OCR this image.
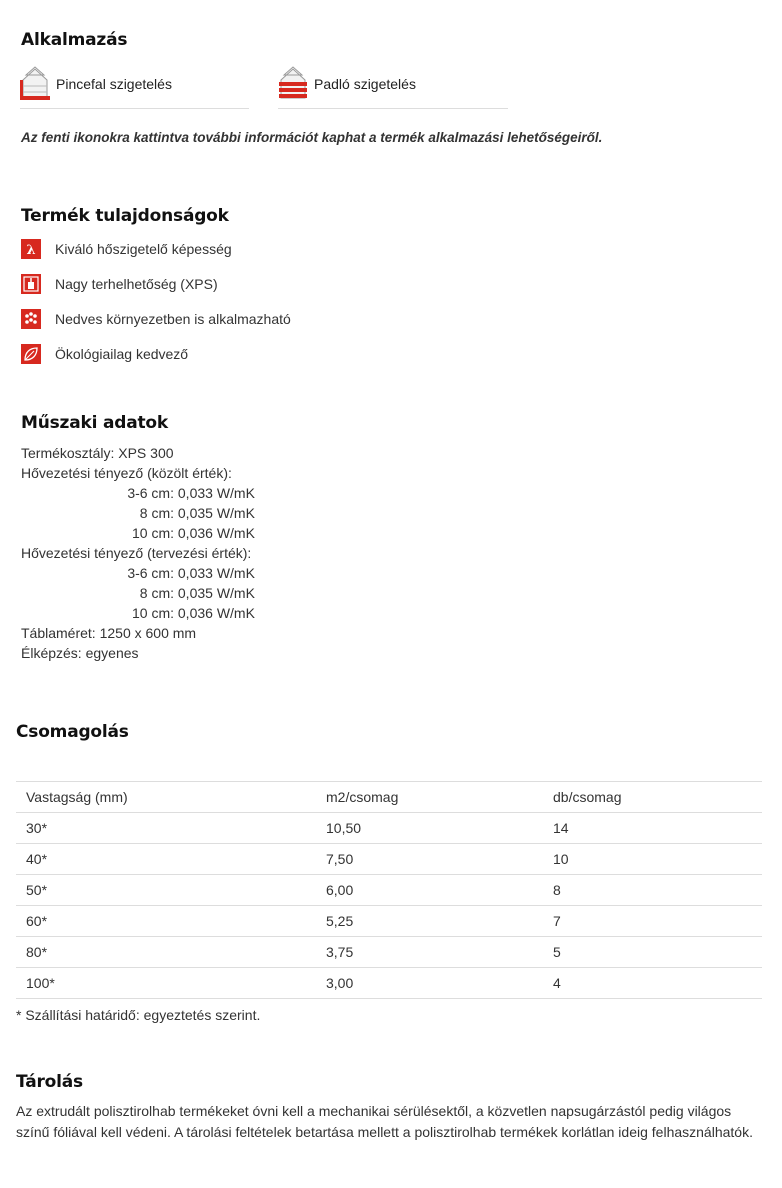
Alkalmazás
Pincefal szigetelés	Padló szigetelés
Az fenti ikonokra kattintva további információt kaphat a termék alkalmazási lehetőségeiről.
Termék tulajdonságok
λ Kiváló hőszigetelő képesség
Nagy terhelhetőség (XPS)
Nedves környezetben is alkalmazható
Ökológiailag kedvező
Műszaki adatok
Termékosztály: XPS 300
Hővezetési tényező (közölt érték):
3-6 cm: 0,033 W/mK
8 cm: 0,035 W/mK
10 cm: 0,036 W/mK
Hővezetési tényező (tervezési érték):
3-6 cm: 0,033 W/mK
8 cm: 0,035 W/mK
10 cm: 0,036 W/mK
Táblaméret: 1250 x 600 mm
Élképzés: egyenes
Csomagolás
Vastagság (mm)	m2/csomag	db/csomag
30*	10,50	14
40*	7,50	10
50*	6,00	8
60*	5,25	7
80*	3,75	5
100*	3,00	4
* Szállítási határidő: egyeztetés szerint.
Tárolás
Az extrudált polisztirolhab termékeket óvni kell a mechanikai sérülésektől, a közvetlen napsugárzástól pedig világos színű fóliával kell védeni. A tárolási feltételek betartása mellett a polisztirolhab termékek korlátlan ideig felhasználhatók.
